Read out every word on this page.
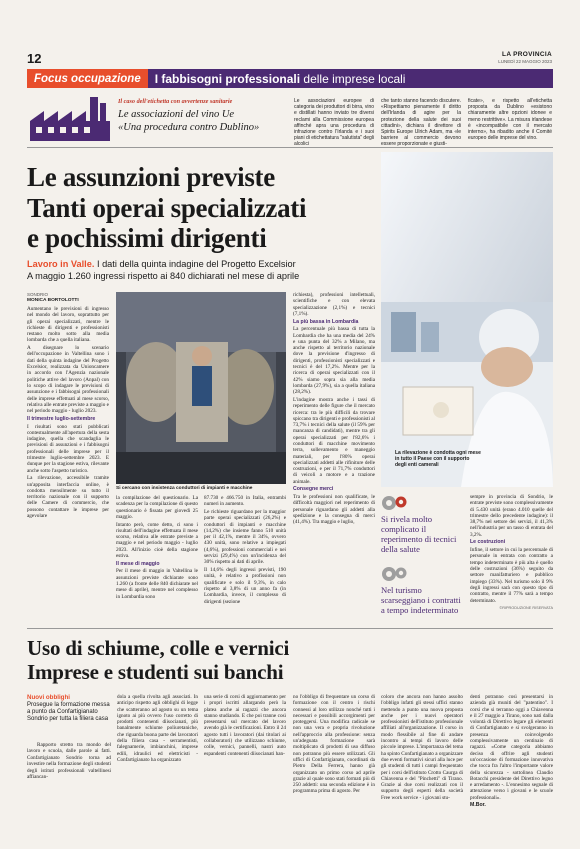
12	LA PROVINCIA
LUNEDÌ 22 MAGGIO 2023
Focus occupazione	I fabbisogni professionali delle imprese locali
Il caso dell'etichetta con avvertenze sanitarie
Le associazioni del vino Ue
«Una procedura contro Dublino»
Le associazioni europee di categoria dei produttori di birra, vino e distillati hanno inviato tre diversi reclami alla Commissione europea affinché apra una procedura di infrazione contro l'Irlanda e i suoi piani di etichettatura "salutista" degli alcolici
che tanto stanno facendo discutere. «Rispettiamo pienamente il diritto dell'Irlanda di agire per la protezione della salute dei suoi cittadini», dichiara il direttore di Spirits Europe Ulrich Adam, ma «le barriere al commercio devono essere proporzionate e giusti-
ficate», e rispetto all'etichetta proposta da Dublino «esistono chiaramente altre opzioni idonee e meno restrittive». La misura irlandese è «incompatibile con il mercato interno», ha ribadito anche il Comité europeo delle imprese del vino.
Le assunzioni previste
Tanti operai specializzati
e pochissimi dirigenti
Lavoro in Valle. I dati della quinta indagine del Progetto Excelsior
A maggio 1.260 ingressi rispetto ai 840 dichiarati nel mese di aprile
La rilevazione è condotta ogni mese in tutto il Paese con il supporto degli enti camerali
SONDRIO
MONICA BORTOLOTTI

Aumentano le previsioni di ingresso nel mondo del lavoro, soprattutto per gli operai specializzati, mentre le richieste di dirigenti e professionisti restano molto sotto alla media lombarda che a quella italiana.

A disegnare lo scenario dell'occupazione in Valtellina sono i dati della quinta indagine del Progetto Excelsior, realizzata da Unioncamere in accordo con l'Agenzia nazionale politiche attive del lavoro (Anpal) con lo scopo di indagare le previsioni di assunzione e i fabbisogni professionali delle imprese effettuati al mese scorso, relativa alle entrate previste a maggio e nel periodo maggio - luglio 2023.

Il trimestre luglio-settembre

I risultati sono stati pubblicati contestualmente all'apertura della sesta indagine, quella che scandaglia le previsioni di assunzioni e i fabbisogni professionali delle imprese per il trimestre luglio-settembre 2023. E dunque per la stagione estiva, rilevante anche sotto l'aspetto turistico.

La rilevazione, accessibile tramite un'apposita interfaccia online, è condotta mensilmente su tutto il territorio nazionale con il supporto delle Camere di commercio, che possono contattare le imprese per agevolare

Si cercano con insistenza conduttori di impianti e macchine

la compilazione del questionario. La scadenza per la compilazione di questo questionario è fissata per giovedì 25 maggio.

Intanto però, come detto, ci sono i risultati dell'indagine effettuata il mese scorso, relativa alle entrate previste a maggio e nel periodo maggio - luglio 2023. All'inizio cioè della stagione estiva.

Il mese di maggio

Per il mese di maggio in Valtellina le assunzioni previste dichiarate sono 1.260 (a fronte delle 840 dichiarate nel mese di aprile), mentre nel complesso in Lombardia sono

87.730 e 466.750 in Italia, entrambi numeri in aumento.

Le richieste riguardano per la maggior parte operai specializzati (26,2%) e conduttori di impianti e macchine (14,2%) che insieme fanno 510 unità per il 42,1%, mentre il 34%, ovvero 430 unità, sono relative a impiegati (4,6%), professioni commerciali e nei servizi (29,4%) con un'incidenza del 30% rispetto ai dati di aprile.

Il 14,6% degli ingressi previsti, 190 unità, è relativo a profissioni non qualificate e solo il 9,3%, in calo rispetto al 3,8% di un anno fa (in Lombardia, invece, il complesso di dirigenti (sezione

richiesta), professioni intellettuali, scientifiche e con elevata specializzazione (2,1%) e tecnici (7,1%).

La più bassa in Lombardia

La percentuale più bassa di tutta la Lombardia che ha una media del 24% e una punta del 32% a Milano, ma anche rispetto al territorio nazionale dove la previsione d'ingresso di dirigenti, professionisti specializzati e tecnici è del 17,2%. Mentre per la ricerca di operai specializzati con il 42% siamo sopra sia alla media lombarda (27,9%), sia a quella italiana (28,2%).

L'indagine mostra anche i tassi di reperimento delle figure che il mercato ricerca: tra le più difficili da trovare spiccano tra dirigenti e professionisti al 73,7% i tecnici della salute (il 59% per mancanza di candidati), mentre tra gli operai specializzati per l'82,6% i conduttori di macchine movimento terra, sollevamento e maneggio materiali, per l'80% operai specializzati addetti alle rifiniture delle costruzioni, e per il 71,7% conduttori di veicoli a motore e a trazione animale.

Consegne merci

Tra le professioni non qualificate, le difficoltà maggiori nel reperimento di personale riguardano gli addetti alla spedizione e la consegna di merci (41,4%). Tra maggio e luglio,	Si rivela molto complicato il reperimento di tecnici della salute
Nel turismo scarseggiano i contratti a tempo indeterminato

sempre in provincia di Sondrio, le entrate previste sono complessivamente di 5.430 unità (erano 4.010 quelle del trimestre dello precedente indagine): il 38,7% nel settore dei servizi, il 41,3% nell'industria per un tasso di entrata del 3,2%.

Le costruzioni

Infine, il settore in cui la percentuale di personale in entrata con contratto a tempo indeterminato è più alta è quello delle costruzioni (36%) seguito da settore manifatturiero e pubblico impiego (33%). Nel turismo solo il 9% degli ingressi sarà con questo tipo di contratto, mentre il 77% sarà a tempo determinato.

©RIPRODUZIONE RISERVATA

Uso di schiume, colle e vernici
Imprese e studenti sui banchi
Nuovi obblighi
Prosegue la formazione messa a punto da Confartigianato Sondrio per tutta la filiera casa
Rapporto stretto tra mondo del lavoro e scuola, dalle parole ai fatti. Confartigianato Sondrio torna ad investire nella formazione degli studenti degli istituti professionali valtellinesi affiancan-
dola a quella rivolta agli associati. In anticipo rispetto agli obblighi di legge che scatteranno ad agosto su un tema ignoto ai più ovvero l'uso corretto di prodotti contenenti diisocianati, più banalmente schiume poliuretaniche, che riguarda buona parte dei lavoratori della filiera casa - serramentisti, falegnamerie, imbianchini, imprese edili, idraulici ed elettricisti - Confartigianato ha organizzato
una serie di corsi di aggiornamento per i propri iscritti allargando però la platea anche ai ragazzi che ancora stanno studiando. E che poi tranne così presentarsi sul mercato del lavoro avendo già le certificazioni. Entro il 24 agosto tutti i lavoratori (dai titolari ai collaboratori) che utilizzano schiume, colle, vernici, pannelli, nastri auto espandenti contenenti diisocianati han-
no l'obbligo di frequentare un corso di formazione con il centro i rischi connessi al loro utilizzo nonché tutti i necessari e possibili accorgimenti per proteggersi. Una modifica radicale se non una vera e propria rivoluzione nell'approccio alla professione: senza un'adeguata formazione sarà moltiplicato di prodotti di uso diffuso non potranno più essere utilizzati. Gli uffici di Confartigianato, coordinati da Pietro Della Ferrera, hanno già organizzato un primo corso ad aprile grazie al quale sono stati formati più di 250 addetti: una seconda edizione è in programma prima di agosto. Per
coloro che ancora non hanno assolto l'obbligo infatti gli stessi uffici stanno mettendo a punto una nuova proposta anche per i nuovi operatori professionisti dell'istituto professionale affiliati all'organizzazione. Il corso in modo flessibile al fine di andare incontro ai tempi di lavoro delle piccole imprese. L'importanza del tema ha spinto Confartigianato a organizzare due eventi formativi sicuri alla luce per gli studenti di tutti i campi frequentato per i corsi dell'istituto Crotto Caurga di Chiavenna e del "Pinchetti" di Tirano. Grazie ai due corsi realizzati con il supporto degli esperti della società Free work service - i giovani stu-

denti potranno così presentarsi in azienda già muniti del "patentino". I corsi che si terranno oggi a Chiavenna e il 27 maggio a Tirano, sono nati dalla volontà di Direttivo legare gli elementi di Confartigianato e si svolgeranno in presenza coinvolgendo complessivamente un centinaio di ragazzi. «Come categoria abbiamo deciso di offrire agli studenti un'occasione di formazione innovativa che tocca fra l'altro l'importante valore della sicurezza - sottolinea Claudio Botacchi presidente del Direttivo legno e arredamento -. L'ennesimo segnale di attenzione verso i giovani e le scuole professionali».

M.Bor.
